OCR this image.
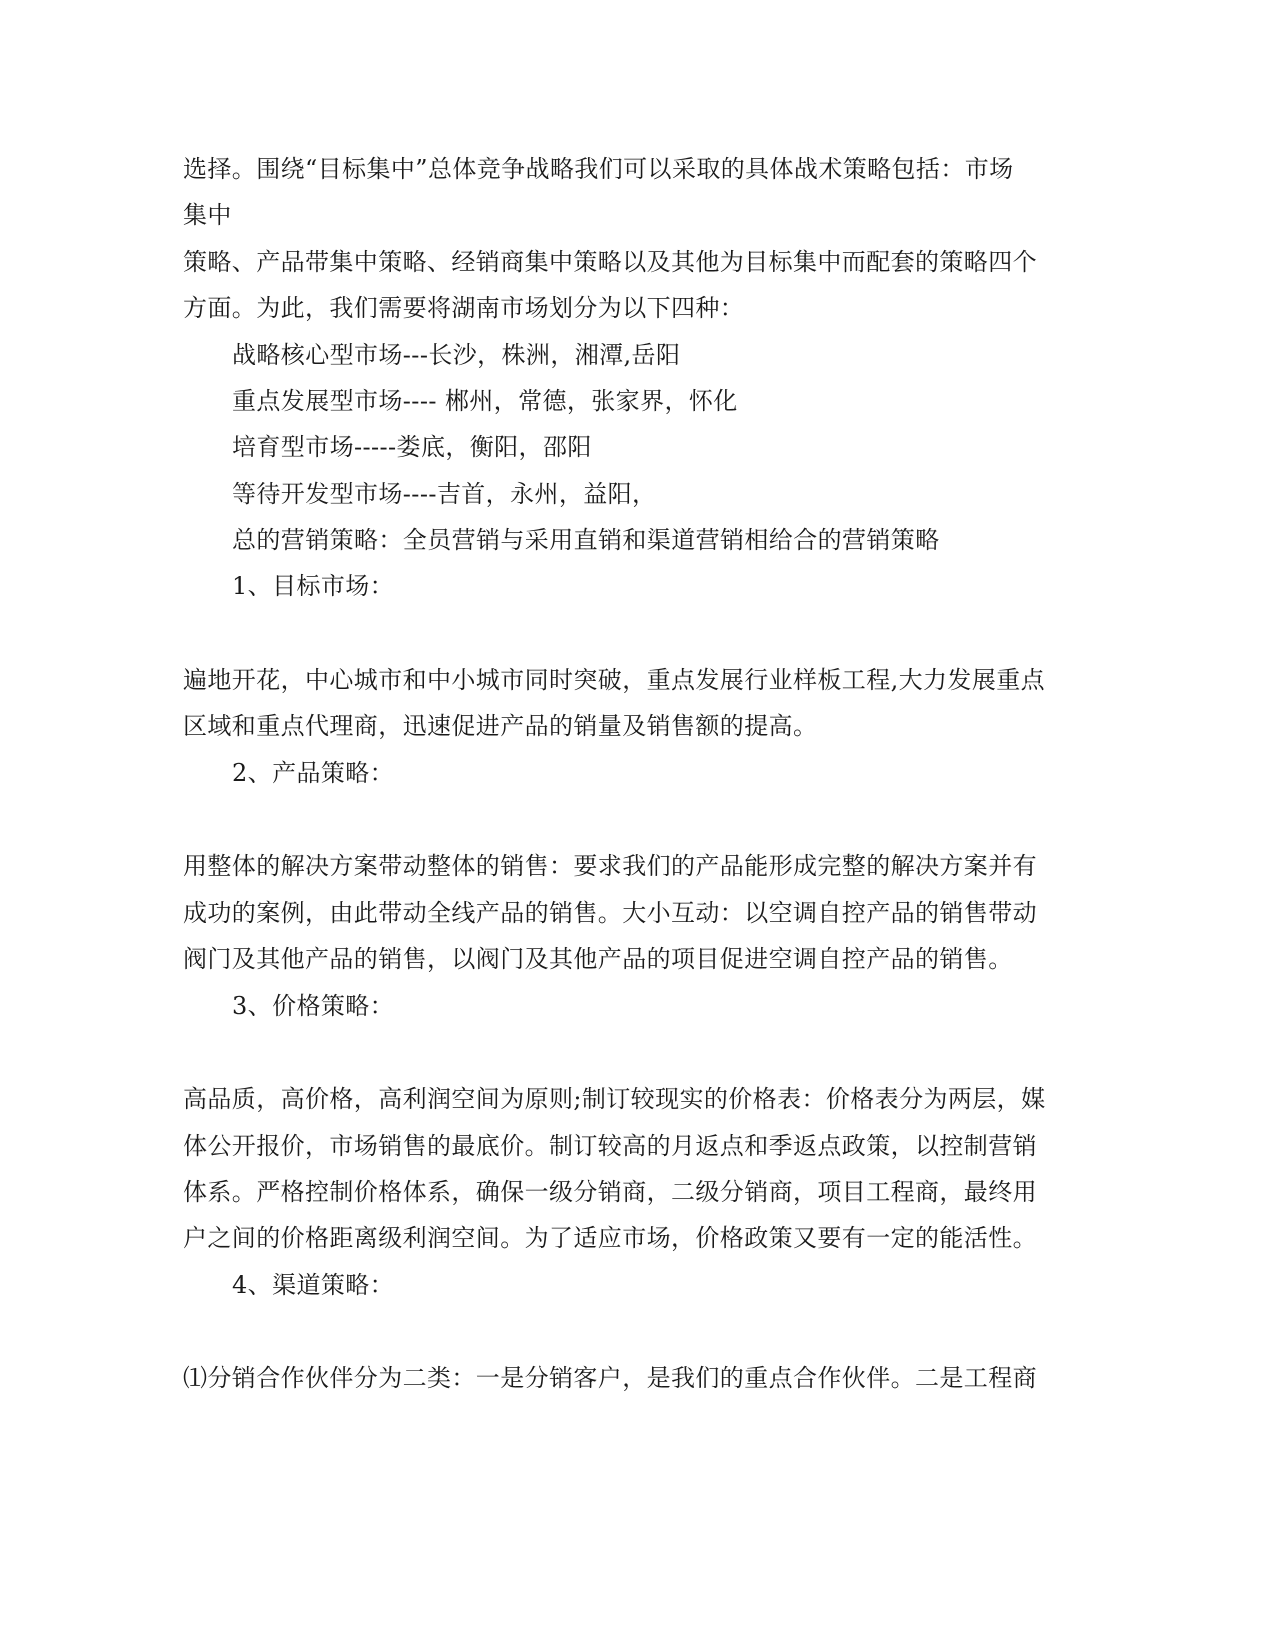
选择。围绕“目标集中”总体竞争战略我们可以采取的具体战术策略包括：市场
集中
策略、产品带集中策略、经销商集中策略以及其他为目标集中而配套的策略四个
方面。为此，我们需要将湖南市场划分为以下四种：
战略核心型市场---长沙，株洲，湘潭,岳阳
重点发展型市场---- 郴州，常德，张家界，怀化
培育型市场-----娄底，衡阳，邵阳
等待开发型市场----吉首，永州，益阳，
总的营销策略：全员营销与采用直销和渠道营销相给合的营销策略
1、目标市场：
遍地开花，中心城市和中小城市同时突破，重点发展行业样板工程,大力发展重点
区域和重点代理商，迅速促进产品的销量及销售额的提高。
2、产品策略：
用整体的解决方案带动整体的销售：要求我们的产品能形成完整的解决方案并有
成功的案例，由此带动全线产品的销售。大小互动：以空调自控产品的销售带动
阀门及其他产品的销售，以阀门及其他产品的项目促进空调自控产品的销售。
3、价格策略：
高品质，高价格，高利润空间为原则;制订较现实的价格表：价格表分为两层，媒
体公开报价，市场销售的最底价。制订较高的月返点和季返点政策，以控制营销
体系。严格控制价格体系，确保一级分销商，二级分销商，项目工程商，最终用
户之间的价格距离级利润空间。为了适应市场，价格政策又要有一定的能活性。
4、渠道策略：
⑴分销合作伙伴分为二类：一是分销客户，是我们的重点合作伙伴。二是工程商
